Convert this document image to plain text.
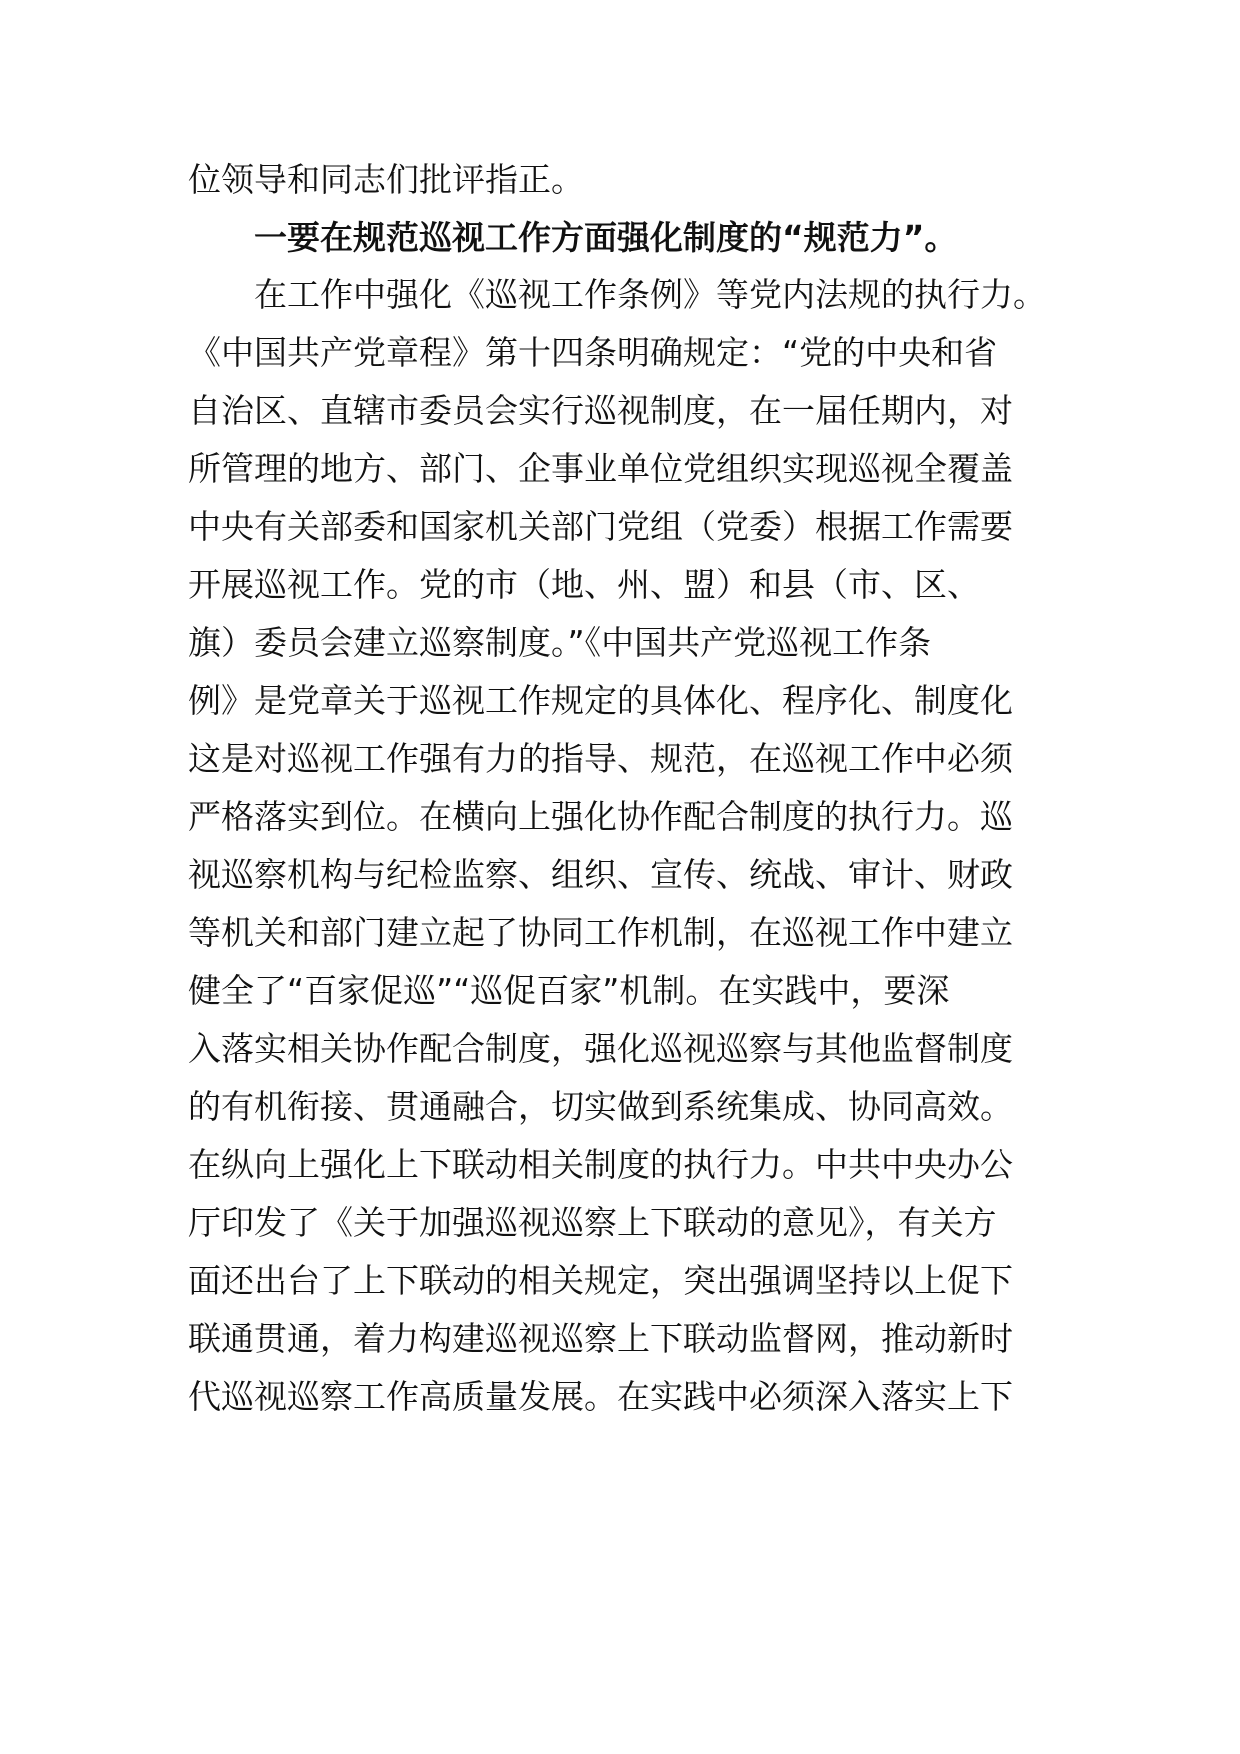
位领导和同志们批评指正。
一要在规范巡视工作方面强化制度的“规范力”。
在工作中强化《巡视工作条例》等党内法规的执行力。
《中国共产党章程》第十四条明确规定：“党的中央和省
自治区、直辖市委员会实行巡视制度，在一届任期内，对
所管理的地方、部门、企事业单位党组织实现巡视全覆盖
中央有关部委和国家机关部门党组（党委）根据工作需要
开展巡视工作。党的市（地、州、盟）和县（市、区、
旗）委员会建立巡察制度。”《中国共产党巡视工作条
例》是党章关于巡视工作规定的具体化、程序化、制度化
这是对巡视工作强有力的指导、规范，在巡视工作中必须
严格落实到位。在横向上强化协作配合制度的执行力。巡
视巡察机构与纪检监察、组织、宣传、统战、审计、财政
等机关和部门建立起了协同工作机制，在巡视工作中建立
健全了“百家促巡”“巡促百家”机制。在实践中，要深
入落实相关协作配合制度，强化巡视巡察与其他监督制度
的有机衔接、贯通融合，切实做到系统集成、协同高效。
在纵向上强化上下联动相关制度的执行力。中共中央办公
厅印发了《关于加强巡视巡察上下联动的意见》，有关方
面还出台了上下联动的相关规定，突出强调坚持以上促下
联通贯通，着力构建巡视巡察上下联动监督网，推动新时
代巡视巡察工作高质量发展。在实践中必须深入落实上下
